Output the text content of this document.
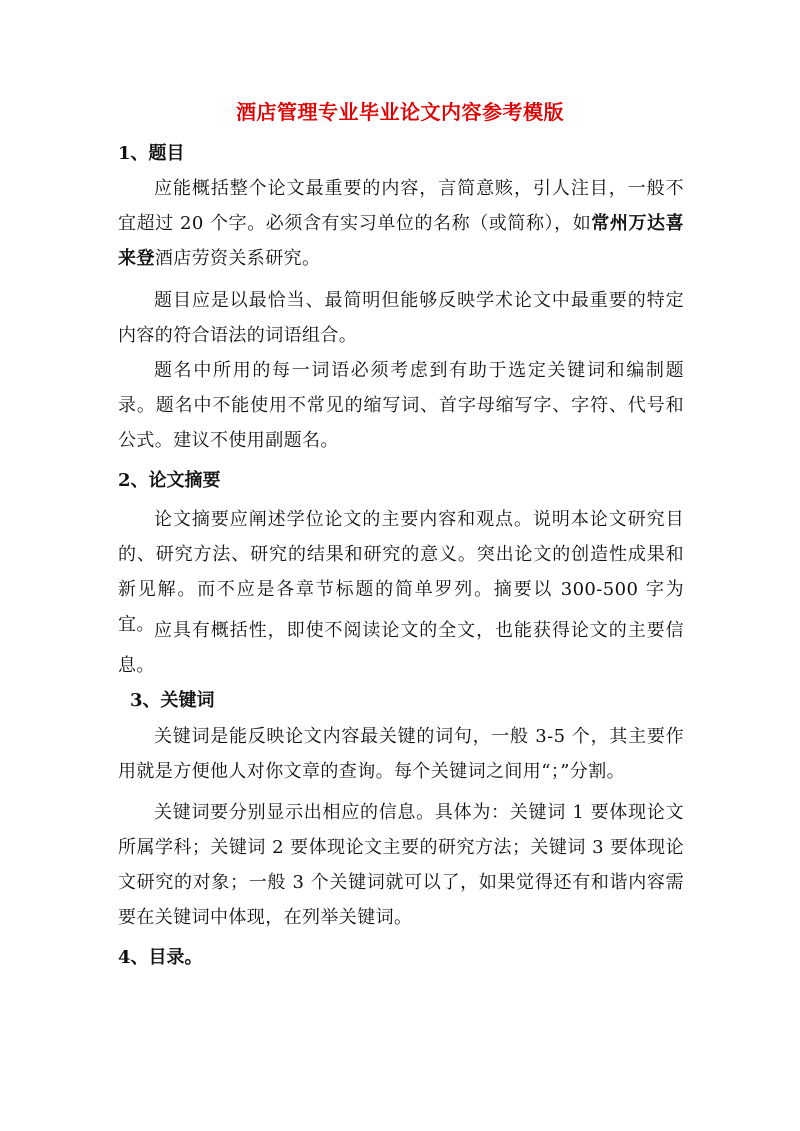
酒店管理专业毕业论文内容参考模版
1、题目
应能概括整个论文最重要的内容，言简意赅，引人注目，一般不宜超过 20 个字。必须含有实习单位的名称（或简称），如常州万达喜来登酒店劳资关系研究。
题目应是以最恰当、最简明但能够反映学术论文中最重要的特定内容的符合语法的词语组合。
题名中所用的每一词语必须考虑到有助于选定关键词和编制题录。题名中不能使用不常见的缩写词、首字母缩写字、字符、代号和公式。建议不使用副题名。
2、论文摘要
论文摘要应阐述学位论文的主要内容和观点。说明本论文研究目的、研究方法、研究的结果和研究的意义。突出论文的创造性成果和新见解。而不应是各章节标题的简单罗列。摘要以 300-500 字为宜。 应具有概括性，即使不阅读论文的全文，也能获得论文的主要信息。
3、关键词
关键词是能反映论文内容最关键的词句，一般 3-5 个，其主要作用就是方便他人对你文章的查询。每个关键词之间用“；”分割。
关键词要分别显示出相应的信息。具体为：关键词 1 要体现论文所属学科；关键词 2 要体现论文主要的研究方法；关键词 3 要体现论文研究的对象；一般 3 个关键词就可以了，如果觉得还有和谐内容需要在关键词中体现，在列举关键词。
4、目录。
